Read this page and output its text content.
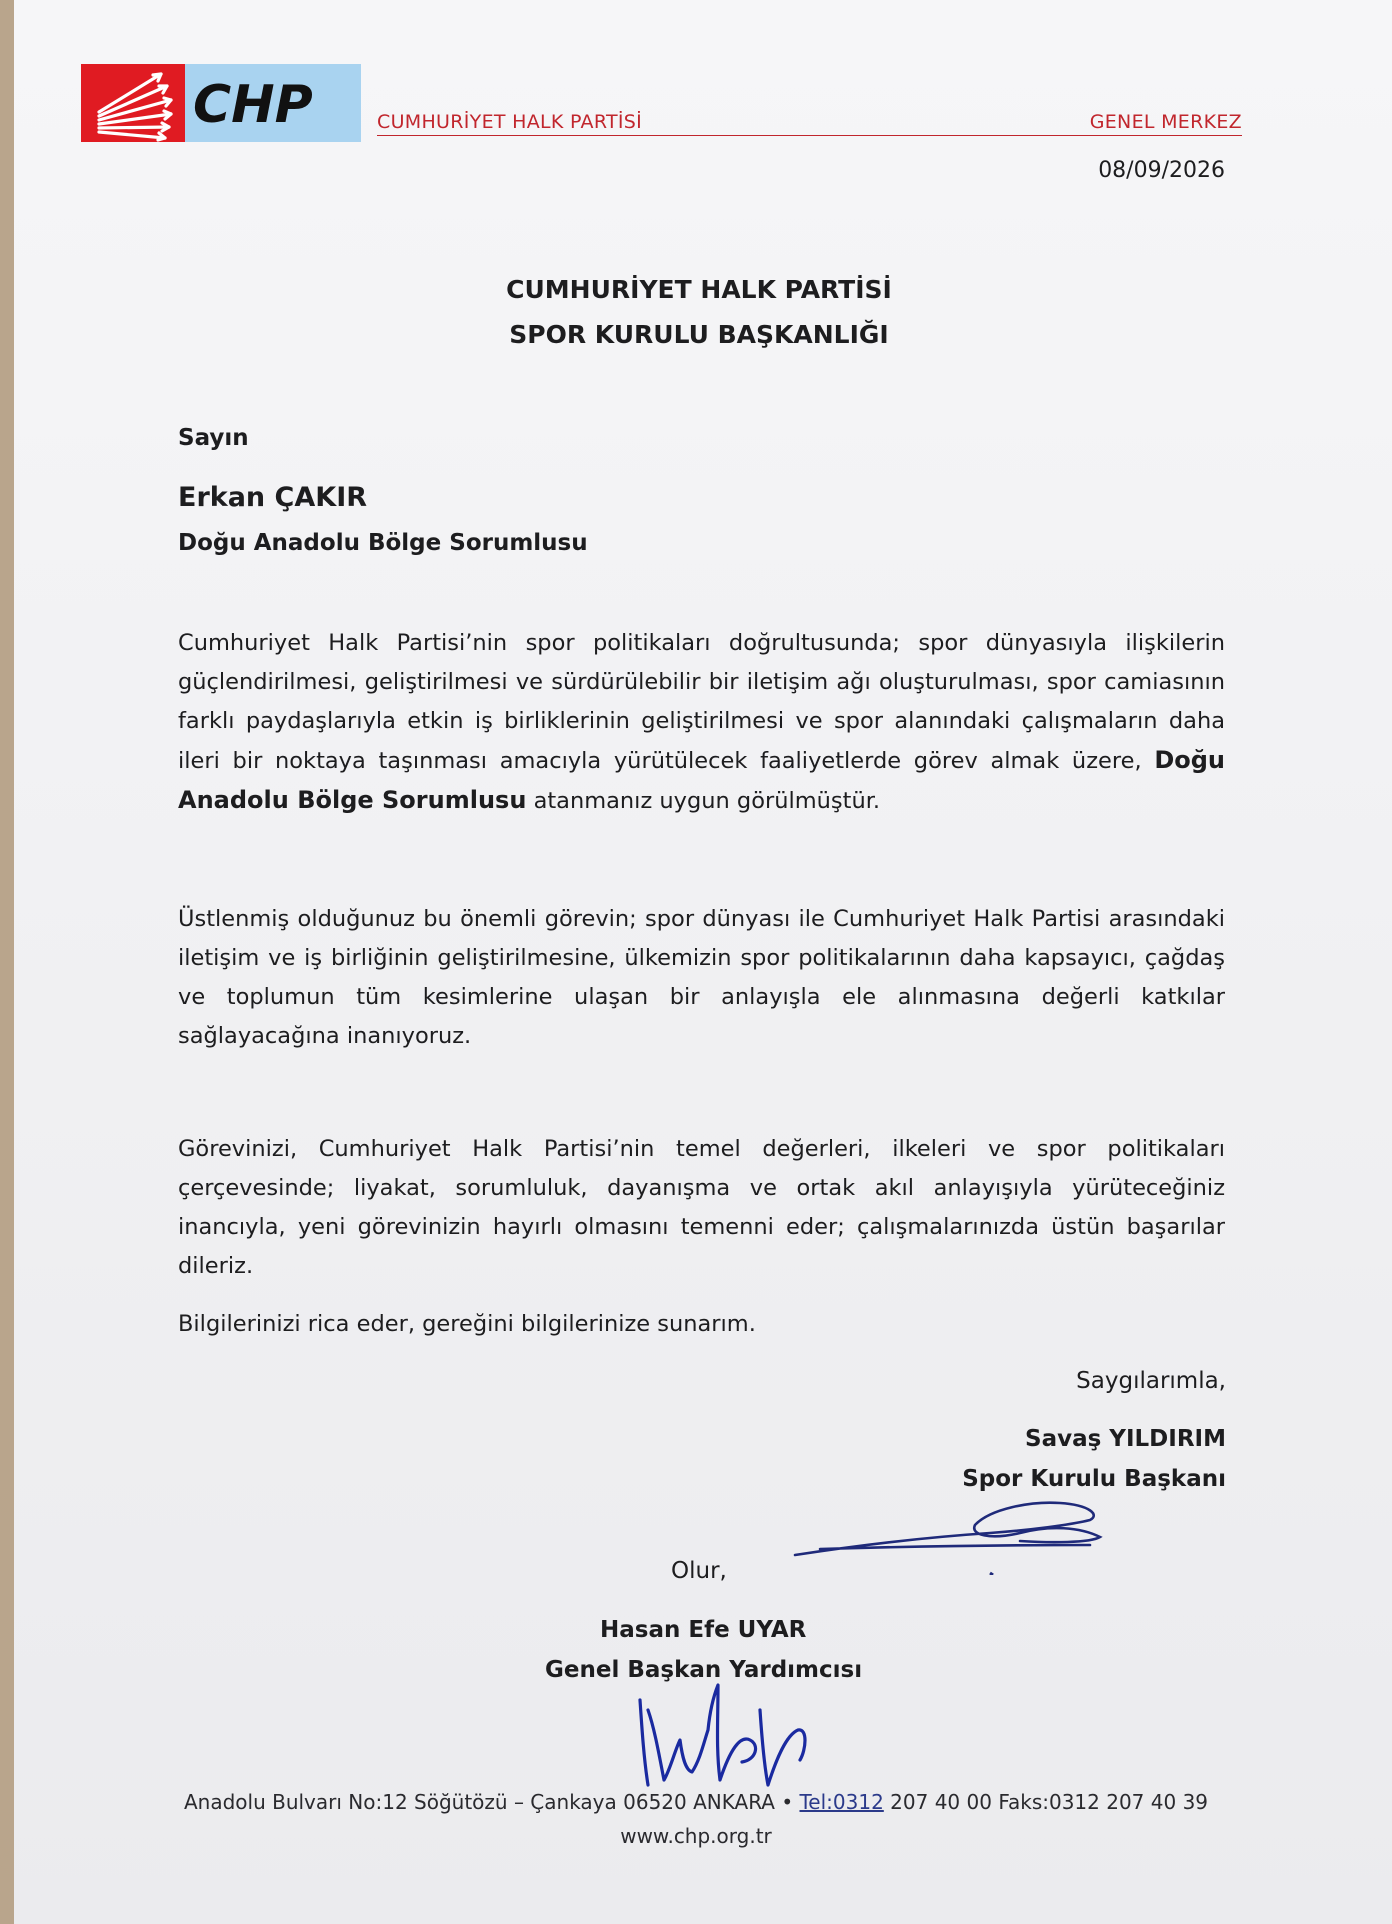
CHP	CUMHURİYET HALK PARTİSİ	GENEL MERKEZ
08/09/2026
CUMHURİYET HALK PARTİSİ
SPOR KURULU BAŞKANLIĞI
Sayın
Erkan ÇAKIR
Doğu Anadolu Bölge Sorumlusu

Cumhuriyet Halk Partisi’nin spor politikaları doğrultusunda; spor dünyasıyla ilişkilerin güçlendirilmesi, geliştirilmesi ve sürdürülebilir bir iletişim ağı oluşturulması, spor camiasının farklı paydaşlarıyla etkin iş birliklerinin geliştirilmesi ve spor alanındaki çalışmaların daha ileri bir noktaya taşınması amacıyla yürütülecek faaliyetlerde görev almak üzere, Doğu Anadolu Bölge Sorumlusu atanmanız uygun görülmüştür.

Üstlenmiş olduğunuz bu önemli görevin; spor dünyası ile Cumhuriyet Halk Partisi arasındaki iletişim ve iş birliğinin geliştirilmesine, ülkemizin spor politikalarının daha kapsayıcı, çağdaş ve toplumun tüm kesimlerine ulaşan bir anlayışla ele alınmasına değerli katkılar sağlayacağına inanıyoruz.

Görevinizi, Cumhuriyet Halk Partisi’nin temel değerleri, ilkeleri ve spor politikaları çerçevesinde; liyakat, sorumluluk, dayanışma ve ortak akıl anlayışıyla yürüteceğiniz inancıyla, yeni görevinizin hayırlı olmasını temenni eder; çalışmalarınızda üstün başarılar dileriz.

Bilgilerinizi rica eder, gereğini bilgilerinize sunarım.

Saygılarımla,
Savaş YILDIRIM
Spor Kurulu Başkanı
Olur,
Hasan Efe UYAR
Genel Başkan Yardımcısı
Anadolu Bulvarı No:12 Söğütözü – Çankaya 06520 ANKARA • Tel:0312 207 40 00 Faks:0312 207 40 39
www.chp.org.tr
